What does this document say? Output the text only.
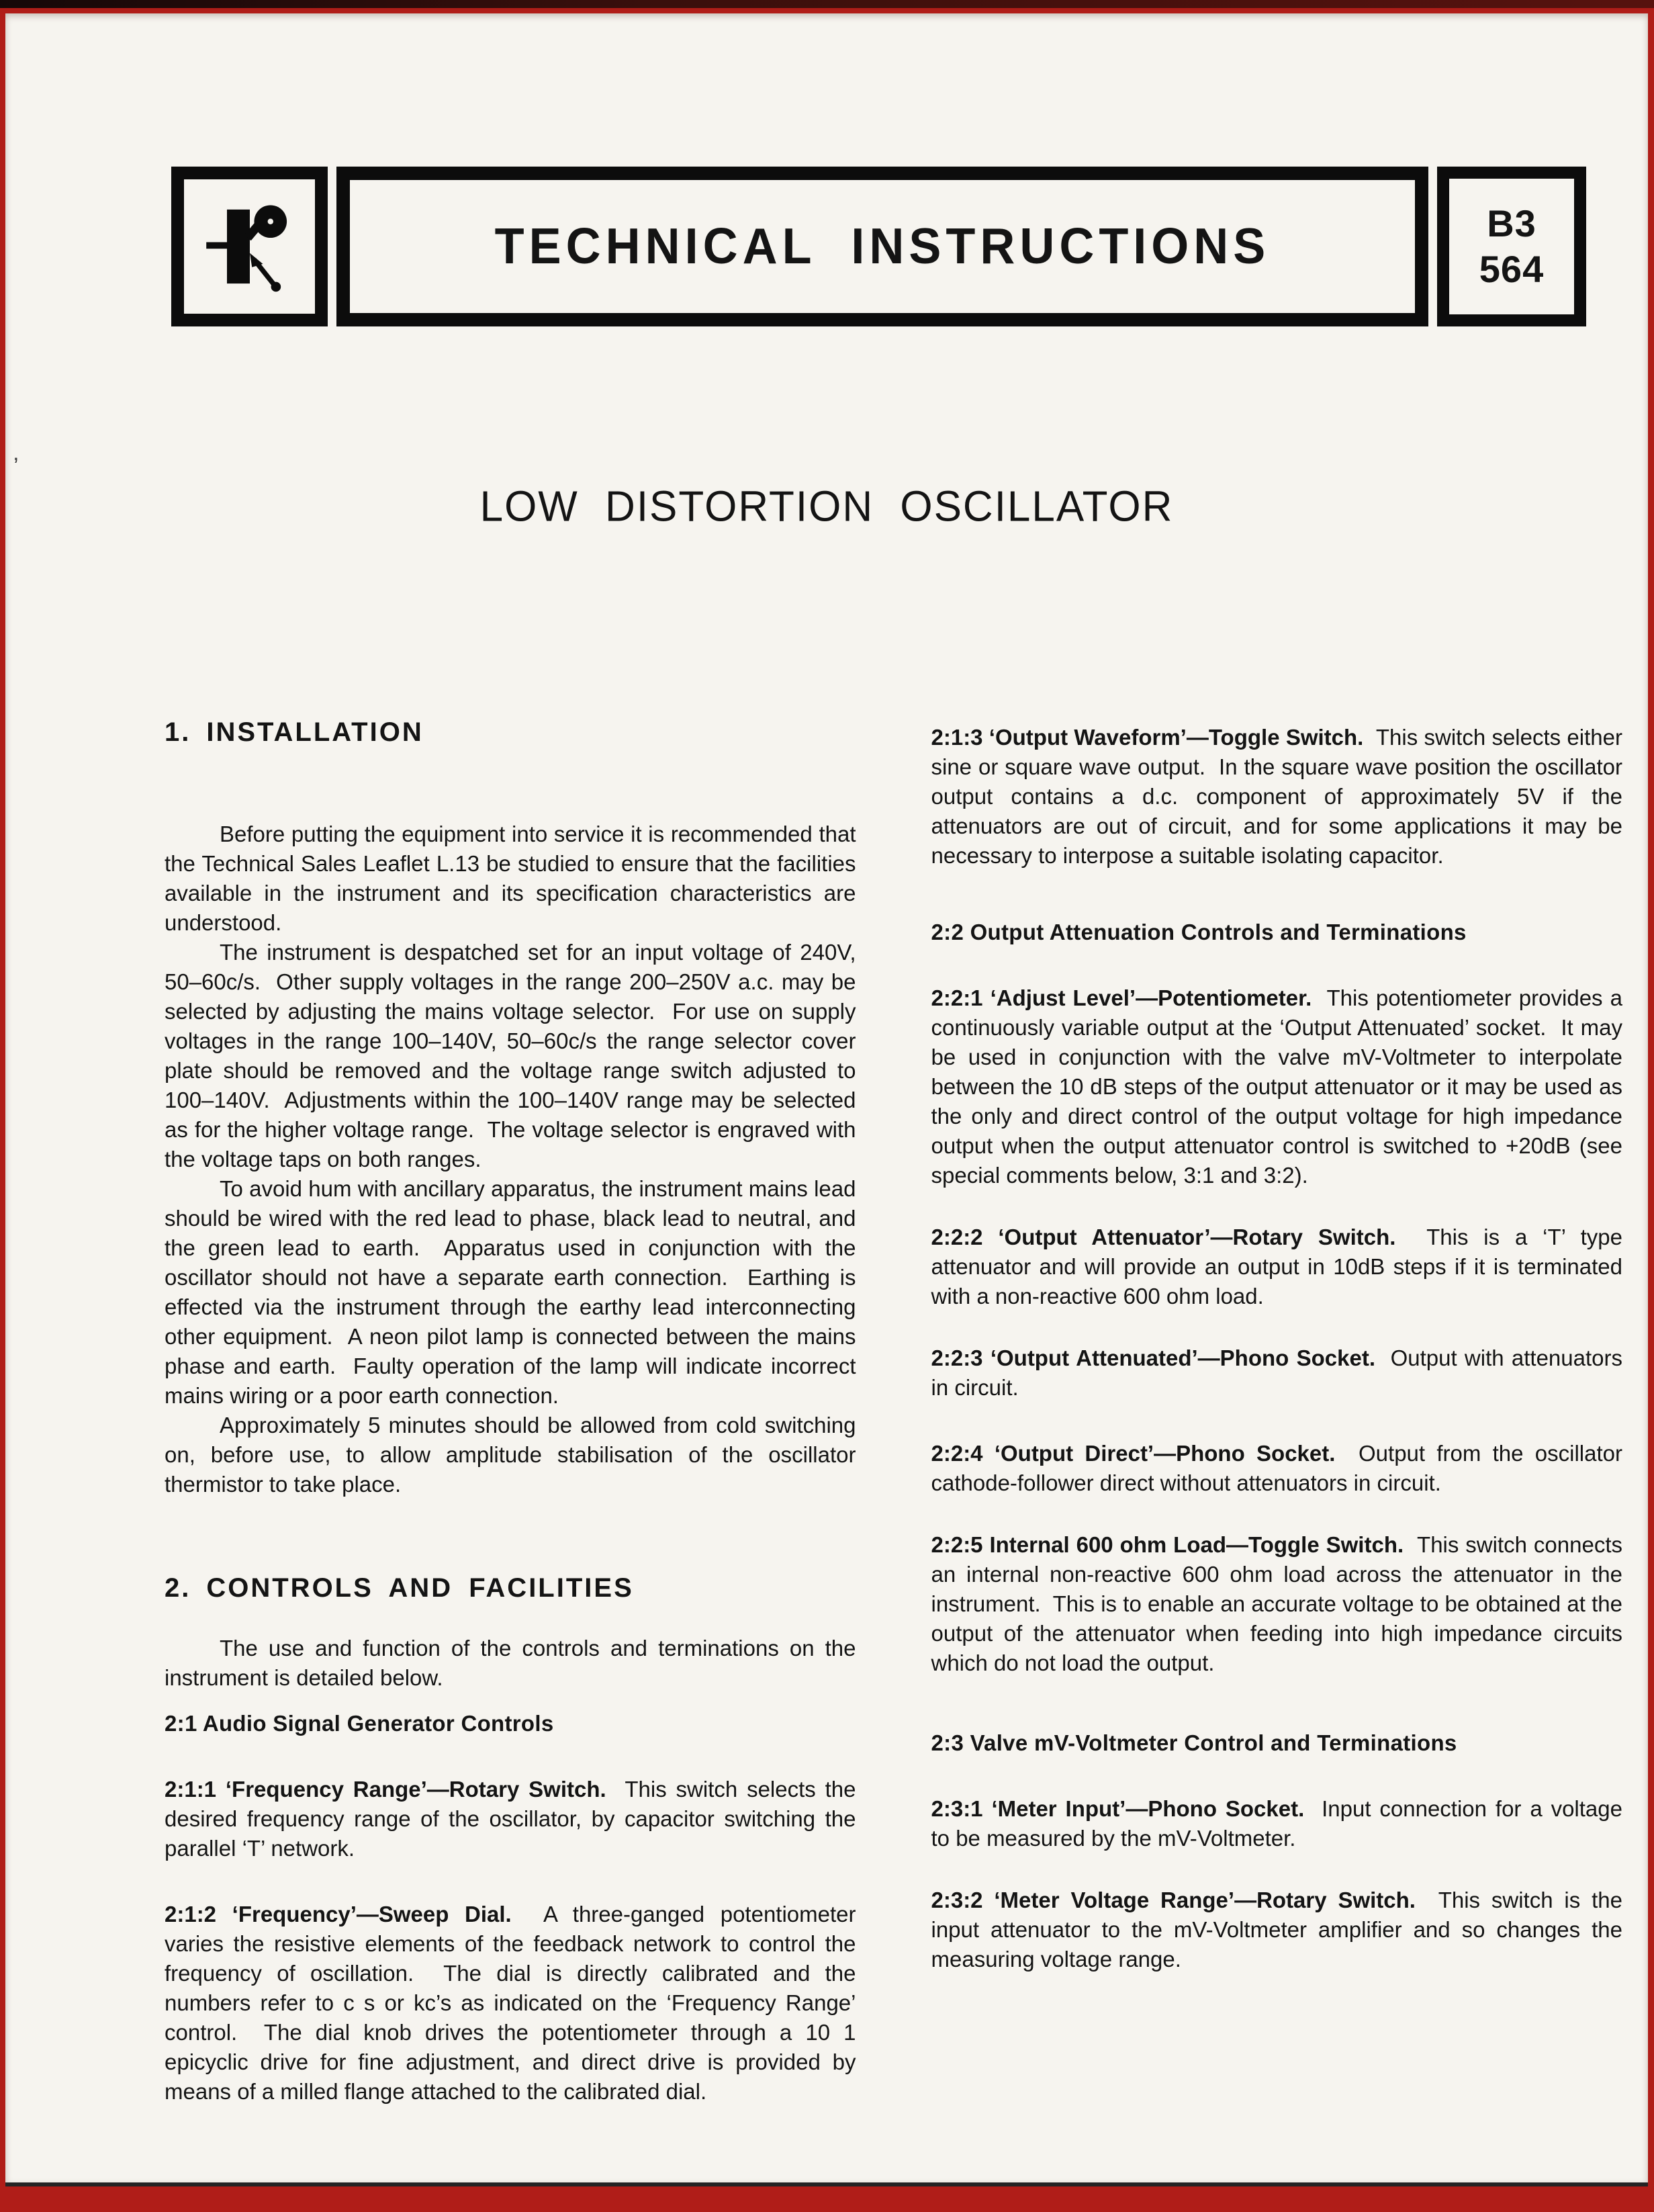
’
TECHNICAL INSTRUCTIONS	B3
564
LOW DISTORTION OSCILLATOR
1. INSTALLATION

Before putting the equipment into service it is recommended that the Technical Sales Leaflet L.13 be studied to ensure that the facilities available in the instrument and its specification characteristics are understood.

The instrument is despatched set for an input voltage of 240V, 50–60c/s.  Other supply voltages in the range 200–250V a.c. may be selected by adjusting the mains voltage selector.  For use on supply voltages in the range 100–140V, 50–60c/s the range selector cover plate should be removed and the voltage range switch adjusted to 100–140V.  Adjustments within the 100–140V range may be selected as for the higher voltage range.  The voltage selector is engraved with the voltage taps on both ranges.

To avoid hum with ancillary apparatus, the instrument mains lead should be wired with the red lead to phase, black lead to neutral, and the green lead to earth.  Apparatus used in conjunction with the oscillator should not have a separate earth connection.  Earthing is effected via the instrument through the earthy lead interconnecting other equipment.  A neon pilot lamp is connected between the mains phase and earth.  Faulty operation of the lamp will indicate incorrect mains wiring or a poor earth connection.

Approximately 5 minutes should be allowed from cold switching on, before use, to allow amplitude stabilisation of the oscillator thermistor to take place.

2. CONTROLS AND FACILITIES

The use and function of the controls and terminations on the instrument is detailed below.

2:1 Audio Signal Generator Controls

2:1:1 ‘Frequency Range’—Rotary Switch. This switch selects the desired frequency range of the oscillator, by capacitor switching the parallel ‘T’ network.

2:1:2 ‘Frequency’—Sweep Dial. A three-ganged potentiometer varies the resistive elements of the feedback network to control the frequency of oscillation.  The dial is directly calibrated and the numbers refer to c s or kc’s as indicated on the ‘Frequency Range’ control.  The dial knob drives the potentiometer through a 10 1 epicyclic drive for fine adjustment, and direct drive is provided by means of a milled flange attached to the calibrated dial.

2:1:3 ‘Output Waveform’—Toggle Switch. This switch selects either sine or square wave output.  In the square wave position the oscillator output contains a d.c. component of approximately 5V if the attenuators are out of circuit, and for some applications it may be necessary to interpose a suitable isolating capacitor.

2:2 Output Attenuation Controls and Terminations

2:2:1 ‘Adjust Level’—Potentiometer. This potentiometer provides a continuously variable output at the ‘Output Attenuated’ socket.  It may be used in conjunction with the valve mV-Voltmeter to interpolate between the 10 dB steps of the output attenuator or it may be used as the only and direct control of the output voltage for high impedance output when the output attenuator control is switched to +20dB (see special comments below, 3:1 and 3:2).

2:2:2 ‘Output Attenuator’—Rotary Switch. This is a ‘T’ type attenuator and will provide an output in 10dB steps if it is terminated with a non-reactive 600 ohm load.

2:2:3 ‘Output Attenuated’—Phono Socket. Output with attenuators in circuit.

2:2:4 ‘Output Direct’—Phono Socket. Output from the oscillator cathode-follower direct without attenuators in circuit.

2:2:5 Internal 600 ohm Load—Toggle Switch. This switch connects an internal non-reactive 600 ohm load across the attenuator in the instrument.  This is to enable an accurate voltage to be obtained at the output of the attenuator when feeding into high impedance circuits which do not load the output.

2:3 Valve mV-Voltmeter Control and Terminations

2:3:1 ‘Meter Input’—Phono Socket. Input connection for a voltage to be measured by the mV-Voltmeter.

2:3:2 ‘Meter Voltage Range’—Rotary Switch. This switch is the input attenuator to the mV-Voltmeter amplifier and so changes the measuring voltage range.
